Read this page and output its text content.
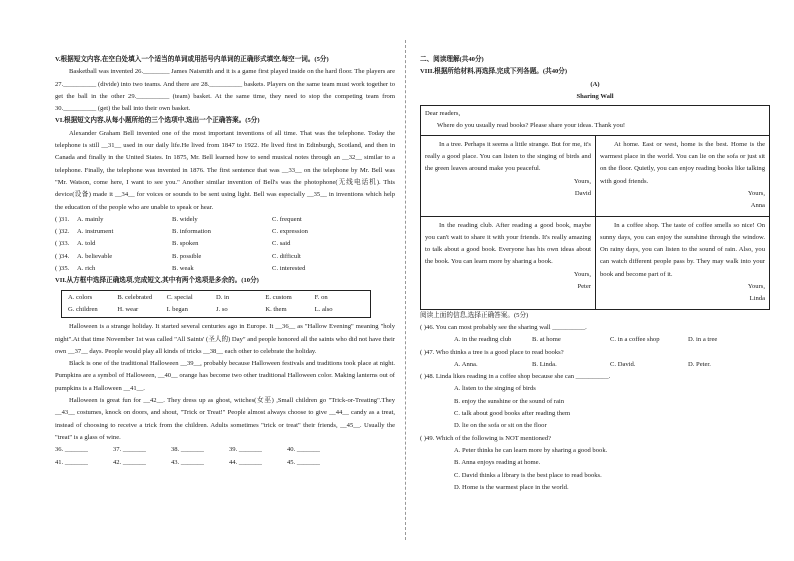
V.根据短文内容,在空白处填入一个适当的单词或用括号内单词的正确形式填空,每空一词。(5分)

Basketball was invented 26.________ James Naismith and it is a game first played inside on the hard floor. The players are 27.__________ (divide) into two teams. And there are 28.__________ baskets. Players on the same team must work together to get the ball in the other 29.__________ (team) basket. At the same time, they need to stop the competing team from 30.__________ (get) the ball into their own basket.

VI.根据短文内容,从每小题所给的三个选项中,选出一个正确答案。(5分)

Alexander Graham Bell invented one of the most important inventions of all time. That was the telephone. Today the telephone is still __31__ used in our daily life.He lived from 1847 to 1922. He lived first in Edinburgh, Scotland, and then in Canada and finally in the United States. In 1875, Mr. Bell learned how to send musical notes through an __32__ similar to a telephone. Finally, the telephone was invented in 1876. The first sentence that was __33__ on the telephone by Mr. Bell was "Mr. Watson, come here, I want to see you." Another similar invention of Bell's was the photophone(无线电话机). This device(设备) made it __34__ for voices or sounds to be sent using light. Bell was especially __35__ in inventions which help the education of the people who are unable to speak or hear.

( ) 31.	A. mainly	B. widely	C. frequent
( ) 32.	A. instrument	B. information	C. expression
( ) 33.	A. told	B. spoken	C. said
( ) 34.	A. believable	B. possible	C. difficult
( ) 35.	A. rich	B. weak	C. interested
VII.从方框中选择正确选项,完成短文,其中有两个选项是多余的。(10分)
A. colors	B. celebrated	C. special	D. in	E. custom	F. on
G. children	H. wear	I. began	J. so	K. them	L. also

Halloween is a strange holiday. It started several centuries ago in Europe. It __36__ as "Hallow Evening" meaning "holy night".At that time November 1st was called "All Saints' (圣人的) Day" and people honored all the saints who did not have their own __37__ days. People would play all kinds of tricks __38__ each other to celebrate the holiday.

Black is one of the traditional Halloween __39__, probably because Halloween festivals and traditions took place at night. Pumpkins are a symbol of Halloween, __40__ orange has become two other traditional Halloween color. Making lanterns out of pumpkins is a Halloween __41__.

Halloween is great fun for __42__. They dress up as ghost, witches(女巫) ,Small children go "Trick-or-Treating".They __43__ costumes, knock on doors, and shout, "Trick or Treat!" People almost always choose to give __44__ candy as a treat, instead of choosing to receive a trick from the children. Adults sometimes "trick or treat" their friends, __45__. Usually the "treat" is a glass of wine.

36. _______	37. _______	38. _______	39. _______	40. _______
41. _______	42. _______	43. _______	44. _______	45. _______
二、阅读理解(共40分)
VIII.根据所给材料,再选择,完成下列各题。(共40分)
(A)
Sharing Wall
Dear readers,
Where do you usually read books? Please share your ideas. Thank you!

In a tree. Perhaps it seems a little strange. But for me, it's really a good place. You can listen to the singing of birds and the green leaves around make you peaceful.

Yours,
David

At home. East or west, home is the best. Home is the warmest place in the world. You can lie on the sofa or just sit on the floor. Quietly, you can enjoy reading books like talking with good friends.

Yours,
Anna

In the reading club. After reading a good book, maybe you can't wait to share it with your friends. It's really amazing to talk about a good book. Everyone has his own ideas about the book. You can learn more by sharing a book.

Yours,
Peter

In a coffee shop. The taste of coffee smells so nice! On sunny days, you can enjoy the sunshine through the window. On rainy days, you can listen to the sound of rain. Also, you can watch different people pass by. They may walk into your book and become part of it.

Yours,
Linda
阅读上面的信息,选择正确答案。(5分)
( )46. You can most probably see the sharing wall __________.
A. in the reading club	B. at home	C. in a coffee shop	D. in a tree
( )47. Who thinks a tree is a good place to read books?
A. Anna.	B. Linda.	C. David.	D. Peter.
( )48. Linda likes reading in a coffee shop because she can __________.
A. listen to the singing of birds
B. enjoy the sunshine or the sound of rain
C. talk about good books after reading them
D. lie on the sofa or sit on the floor
( )49. Which of the following is NOT mentioned?
A. Peter thinks he can learn more by sharing a good book.
B. Anna enjoys reading at home.
C. David thinks a library is the best place to read books.
D. Home is the warmest place in the world.
